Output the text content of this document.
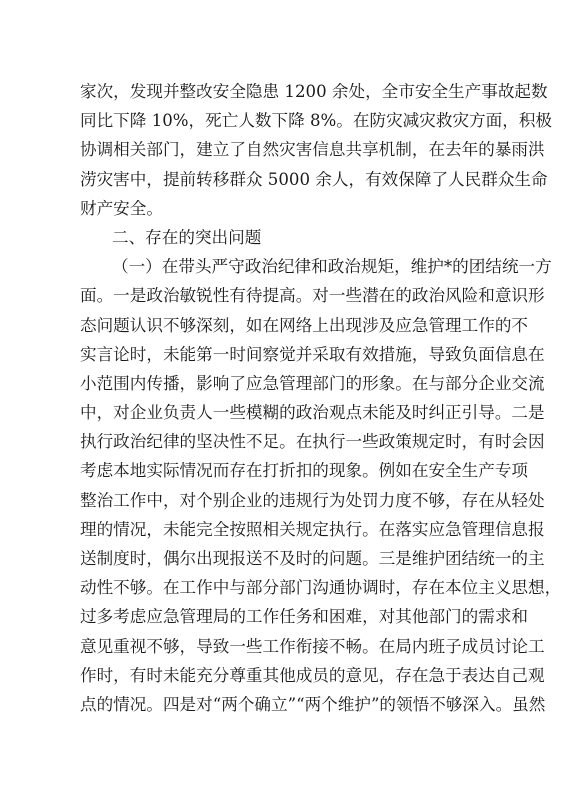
家次，发现并整改安全隐患 1200 余处，全市安全生产事故起数
同比下降 10%，死亡人数下降 8%。在防灾减灾救灾方面，积极
协调相关部门，建立了自然灾害信息共享机制，在去年的暴雨洪
涝灾害中，提前转移群众 5000 余人，有效保障了人民群众生命
财产安全。
二、存在的突出问题
（一）在带头严守政治纪律和政治规矩，维护*的团结统一方
面。一是政治敏锐性有待提高。对一些潜在的政治风险和意识形
态问题认识不够深刻，如在网络上出现涉及应急管理工作的不
实言论时，未能第一时间察觉并采取有效措施，导致负面信息在
小范围内传播，影响了应急管理部门的形象。在与部分企业交流
中，对企业负责人一些模糊的政治观点未能及时纠正引导。二是
执行政治纪律的坚决性不足。在执行一些政策规定时，有时会因
考虑本地实际情况而存在打折扣的现象。例如在安全生产专项
整治工作中，对个别企业的违规行为处罚力度不够，存在从轻处
理的情况，未能完全按照相关规定执行。在落实应急管理信息报
送制度时，偶尔出现报送不及时的问题。三是维护团结统一的主
动性不够。在工作中与部分部门沟通协调时，存在本位主义思想，
过多考虑应急管理局的工作任务和困难，对其他部门的需求和
意见重视不够，导致一些工作衔接不畅。在局内班子成员讨论工
作时，有时未能充分尊重其他成员的意见，存在急于表达自己观
点的情况。四是对“两个确立”“两个维护”的领悟不够深入。虽然
